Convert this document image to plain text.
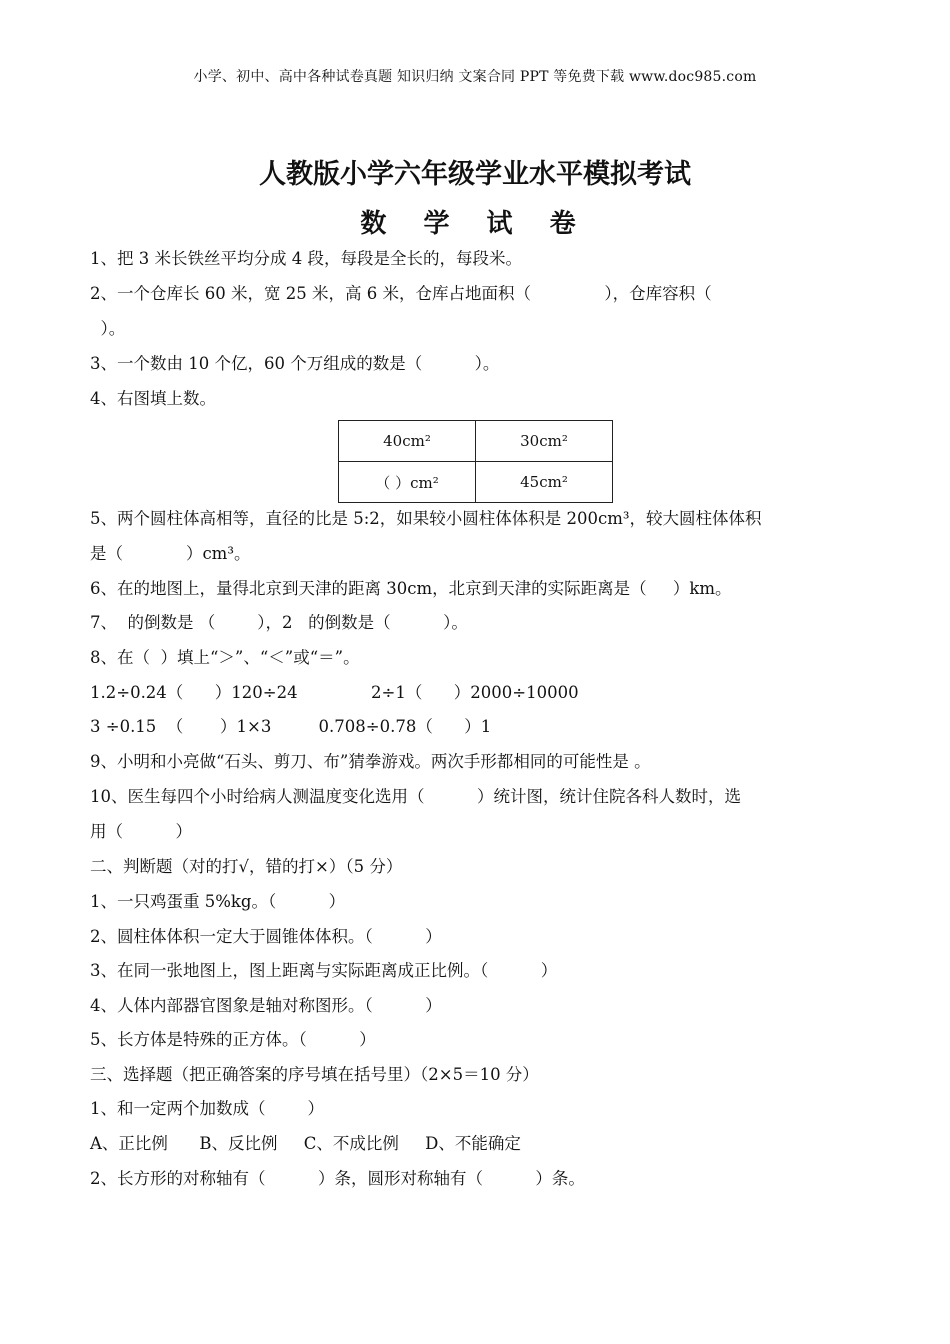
小学、初中、高中各种试卷真题 知识归纳 文案合同 PPT 等免费下载 www.doc985.com
人教版小学六年级学业水平模拟考试
数 学 试 卷
1、把 3 米长铁丝平均分成 4 段，每段是全长的，每段米。
2、一个仓库长 60 米，宽 25 米，高 6 米，仓库占地面积（              ），仓库容积（
）。
3、一个数由 10 个亿，60 个万组成的数是（          ）。
4、右图填上数。
40cm²	30cm²
（ ）cm²	45cm²
5、两个圆柱体高相等，直径的比是 5:2，如果较小圆柱体体积是 200cm³，较大圆柱体体积
是（            ）cm³。
6、在的地图上，量得北京到天津的距离 30cm，北京到天津的实际距离是（     ）km。
7、  的倒数是 （        ），2   的倒数是（          ）。
8、在（  ）填上“＞”、“＜”或“＝”。
1.2÷0.24（      ）120÷24              2÷1（      ）2000÷10000
3 ÷0.15  （       ）1×3         0.708÷0.78（      ）1
9、小明和小亮做“石头、剪刀、布”猜拳游戏。两次手形都相同的可能性是 。
10、医生每四个小时给病人测温度变化选用（          ）统计图，统计住院各科人数时，选
用（          ）
二、判断题（对的打√，错的打×）（5 分）
1、一只鸡蛋重 5%kg。（          ）
2、圆柱体体积一定大于圆锥体体积。（          ）
3、在同一张地图上，图上距离与实际距离成正比例。（          ）
4、人体内部器官图象是轴对称图形。（          ）
5、长方体是特殊的正方体。（          ）
三、选择题（把正确答案的序号填在括号里）（2×5＝10 分）
1、和一定两个加数成（        ）
A、正比例      B、反比例     C、不成比例     D、不能确定
2、长方形的对称轴有（          ）条，圆形对称轴有（          ）条。
